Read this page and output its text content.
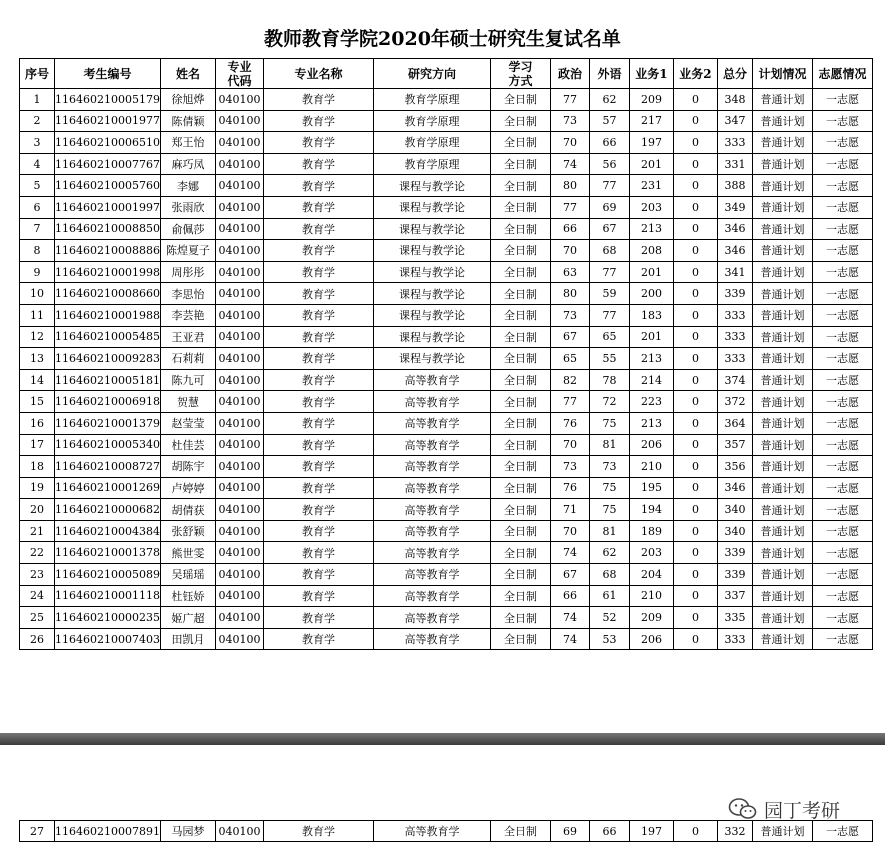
教师教育学院2020年硕士研究生复试名单
序号	考生编号	姓名	专业代码	专业名称	研究方向	学习方式	政治	外语	业务1	业务2	总分	计划情况	志愿情况
1	116460210005179	徐旭烨	040100	教育学	教育学原理	全日制	77	62	209	0	348	普通计划	一志愿
2	116460210001977	陈倩颖	040100	教育学	教育学原理	全日制	73	57	217	0	347	普通计划	一志愿
3	116460210006510	郑王怡	040100	教育学	教育学原理	全日制	70	66	197	0	333	普通计划	一志愿
4	116460210007767	麻巧凤	040100	教育学	教育学原理	全日制	74	56	201	0	331	普通计划	一志愿
5	116460210005760	李娜	040100	教育学	课程与教学论	全日制	80	77	231	0	388	普通计划	一志愿
6	116460210001997	张雨欣	040100	教育学	课程与教学论	全日制	77	69	203	0	349	普通计划	一志愿
7	116460210008850	俞佩莎	040100	教育学	课程与教学论	全日制	66	67	213	0	346	普通计划	一志愿
8	116460210008886	陈煌夏子	040100	教育学	课程与教学论	全日制	70	68	208	0	346	普通计划	一志愿
9	116460210001998	周彤彤	040100	教育学	课程与教学论	全日制	63	77	201	0	341	普通计划	一志愿
10	116460210008660	李思怡	040100	教育学	课程与教学论	全日制	80	59	200	0	339	普通计划	一志愿
11	116460210001988	李芸艳	040100	教育学	课程与教学论	全日制	73	77	183	0	333	普通计划	一志愿
12	116460210005485	王亚君	040100	教育学	课程与教学论	全日制	67	65	201	0	333	普通计划	一志愿
13	116460210009283	石莉莉	040100	教育学	课程与教学论	全日制	65	55	213	0	333	普通计划	一志愿
14	116460210005181	陈九可	040100	教育学	高等教育学	全日制	82	78	214	0	374	普通计划	一志愿
15	116460210006918	贺慧	040100	教育学	高等教育学	全日制	77	72	223	0	372	普通计划	一志愿
16	116460210001379	赵莹莹	040100	教育学	高等教育学	全日制	76	75	213	0	364	普通计划	一志愿
17	116460210005340	杜佳芸	040100	教育学	高等教育学	全日制	70	81	206	0	357	普通计划	一志愿
18	116460210008727	胡陈宇	040100	教育学	高等教育学	全日制	73	73	210	0	356	普通计划	一志愿
19	116460210001269	卢婷婷	040100	教育学	高等教育学	全日制	76	75	195	0	346	普通计划	一志愿
20	116460210000682	胡倩获	040100	教育学	高等教育学	全日制	71	75	194	0	340	普通计划	一志愿
21	116460210004384	张舒颖	040100	教育学	高等教育学	全日制	70	81	189	0	340	普通计划	一志愿
22	116460210001378	熊世雯	040100	教育学	高等教育学	全日制	74	62	203	0	339	普通计划	一志愿
23	116460210005089	吴瑶瑶	040100	教育学	高等教育学	全日制	67	68	204	0	339	普通计划	一志愿
24	116460210001118	杜钰娇	040100	教育学	高等教育学	全日制	66	61	210	0	337	普通计划	一志愿
25	116460210000235	姬广超	040100	教育学	高等教育学	全日制	74	52	209	0	335	普通计划	一志愿
26	116460210007403	田凯月	040100	教育学	高等教育学	全日制	74	53	206	0	333	普通计划	一志愿
园丁考研
27	116460210007891	马园梦	040100	教育学	高等教育学	全日制	69	66	197	0	332	普通计划	一志愿
